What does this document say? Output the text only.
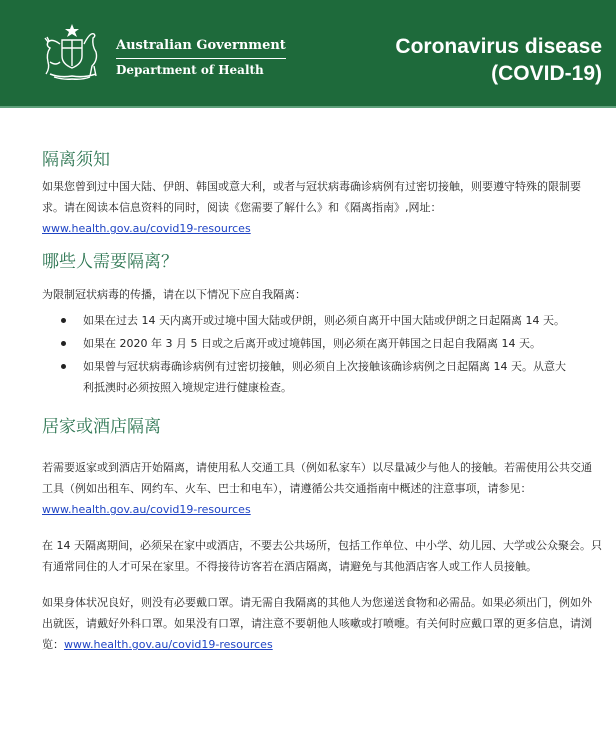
Australian Government
Department of Health
Coronavirus disease
(COVID-19)
隔离须知

如果您曾到过中国大陆、伊朗、韩国或意大利，或者与冠状病毒确诊病例有过密切接触，则要遵守特殊的限制要求。请在阅读本信息资料的同时，阅读《您需要了解什么》和《隔离指南》,网址：
www.health.gov.au/covid19-resources

哪些人需要隔离？

为限制冠状病毒的传播，请在以下情况下应自我隔离：

如果在过去 14 天内离开或过境中国大陆或伊朗，则必须自离开中国大陆或伊朗之日起隔离 14 天。
如果在 2020 年 3 月 5 日或之后离开或过境韩国，则必须在离开韩国之日起自我隔离 14 天。
如果曾与冠状病毒确诊病例有过密切接触，则必须自上次接触该确诊病例之日起隔离 14 天。从意大利抵澳时必须按照入境规定进行健康检查。
居家或酒店隔离

若需要返家或到酒店开始隔离，请使用私人交通工具（例如私家车）以尽量减少与他人的接触。若需使用公共交通工具（例如出租车、网约车、火车、巴士和电车），请遵循公共交通指南中概述的注意事项，请参见：www.health.gov.au/covid19-resources

在 14 天隔离期间，必须呆在家中或酒店，不要去公共场所，包括工作单位、中小学、幼儿园、大学或公众聚会。只有通常同住的人才可呆在家里。不得接待访客若在酒店隔离，请避免与其他酒店客人或工作人员接触。

如果身体状况良好，则没有必要戴口罩。请无需自我隔离的其他人为您递送食物和必需品。如果必须出门，例如外出就医，请戴好外科口罩。如果没有口罩，请注意不要朝他人咳嗽或打喷嚏。有关何时应戴口罩的更多信息，请浏览：www.health.gov.au/covid19-resources
